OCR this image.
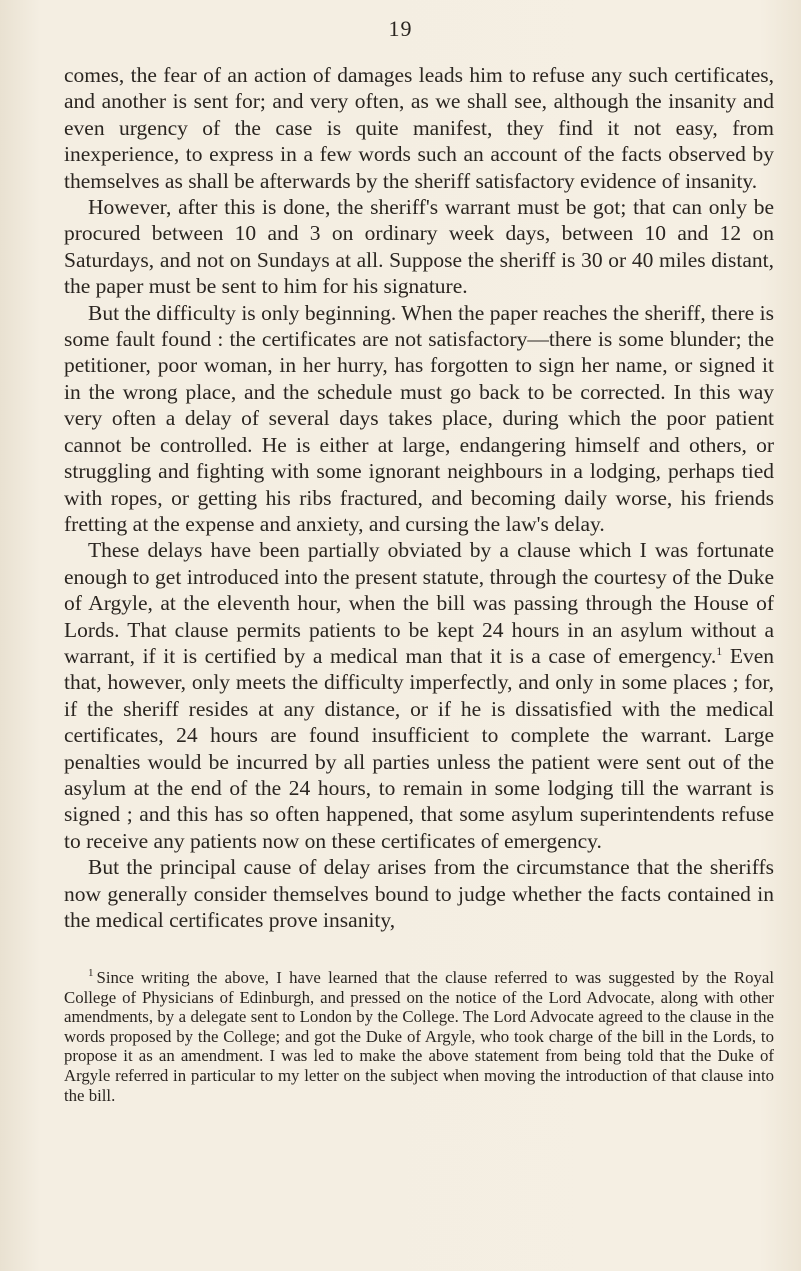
19

comes, the fear of an action of damages leads him to refuse any such certificates, and another is sent for; and very often, as we shall see, although the insanity and even urgency of the case is quite manifest, they find it not easy, from inexperience, to express in a few words such an account of the facts observed by themselves as shall be afterwards by the sheriff satisfactory evidence of insanity.

However, after this is done, the sheriff's warrant must be got; that can only be procured between 10 and 3 on ordinary week days, between 10 and 12 on Saturdays, and not on Sundays at all. Suppose the sheriff is 30 or 40 miles distant, the paper must be sent to him for his signature.

But the difficulty is only beginning. When the paper reaches the sheriff, there is some fault found : the certificates are not satisfactory—there is some blunder; the petitioner, poor woman, in her hurry, has forgotten to sign her name, or signed it in the wrong place, and the schedule must go back to be corrected. In this way very often a delay of several days takes place, during which the poor patient cannot be controlled. He is either at large, endangering himself and others, or struggling and fighting with some ignorant neighbours in a lodging, perhaps tied with ropes, or getting his ribs fractured, and becoming daily worse, his friends fretting at the expense and anxiety, and cursing the law's delay.

These delays have been partially obviated by a clause which I was fortunate enough to get introduced into the present statute, through the courtesy of the Duke of Argyle, at the eleventh hour, when the bill was passing through the House of Lords. That clause permits patients to be kept 24 hours in an asylum without a warrant, if it is certified by a medical man that it is a case of emergency.$^1$ Even that, however, only meets the difficulty imperfectly, and only in some places ; for, if the sheriff resides at any distance, or if he is dissatisfied with the medical certificates, 24 hours are found insufficient to complete the warrant. Large penalties would be incurred by all parties unless the patient were sent out of the asylum at the end of the 24 hours, to remain in some lodging till the warrant is signed ; and this has so often happened, that some asylum superintendents refuse to receive any patients now on these certificates of emergency.

But the principal cause of delay arises from the circumstance that the sheriffs now generally consider themselves bound to judge whether the facts contained in the medical certificates prove insanity,

$^1$ Since writing the above, I have learned that the clause referred to was suggested by the Royal College of Physicians of Edinburgh, and pressed on the notice of the Lord Advocate, along with other amendments, by a delegate sent to London by the College. The Lord Advocate agreed to the clause in the words proposed by the College; and got the Duke of Argyle, who took charge of the bill in the Lords, to propose it as an amendment. I was led to make the above statement from being told that the Duke of Argyle referred in particular to my letter on the subject when moving the introduction of that clause into the bill.
